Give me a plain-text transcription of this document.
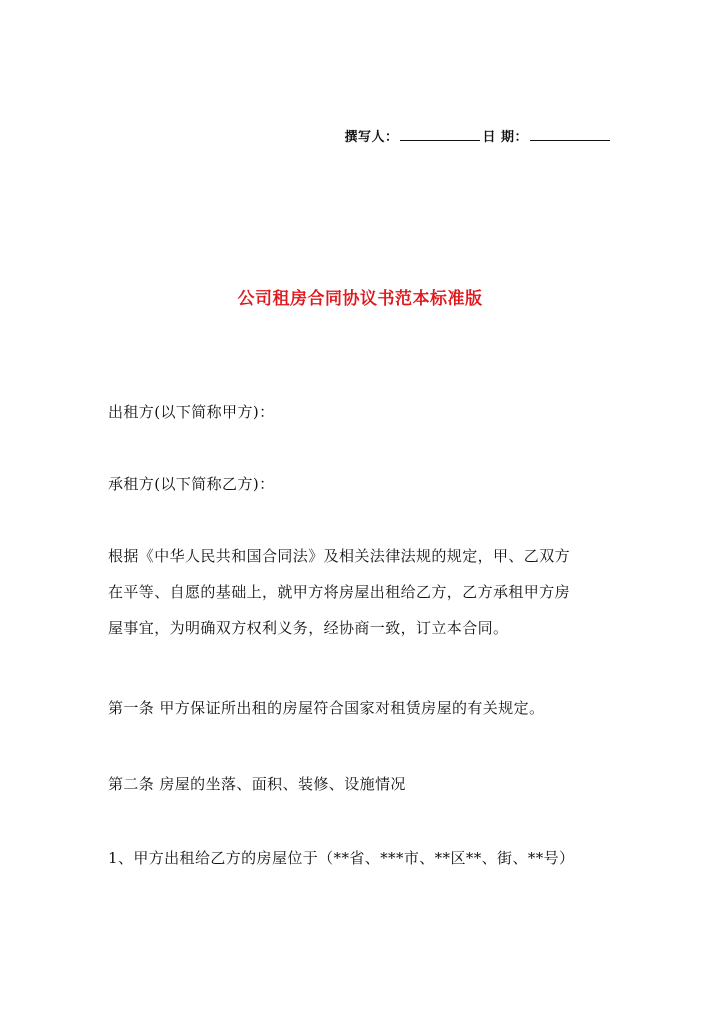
撰写人：	日 期：
公司租房合同协议书范本标准版
出租方(以下简称甲方)：
承租方(以下简称乙方)：
根据《中华人民共和国合同法》及相关法律法规的规定，甲、乙双方
在平等、自愿的基础上，就甲方将房屋出租给乙方，乙方承租甲方房
屋事宜，为明确双方权利义务，经协商一致，订立本合同。
第一条 甲方保证所出租的房屋符合国家对租赁房屋的有关规定。
第二条 房屋的坐落、面积、装修、设施情况
1、甲方出租给乙方的房屋位于（**省、***市、**区**、街、**号）
